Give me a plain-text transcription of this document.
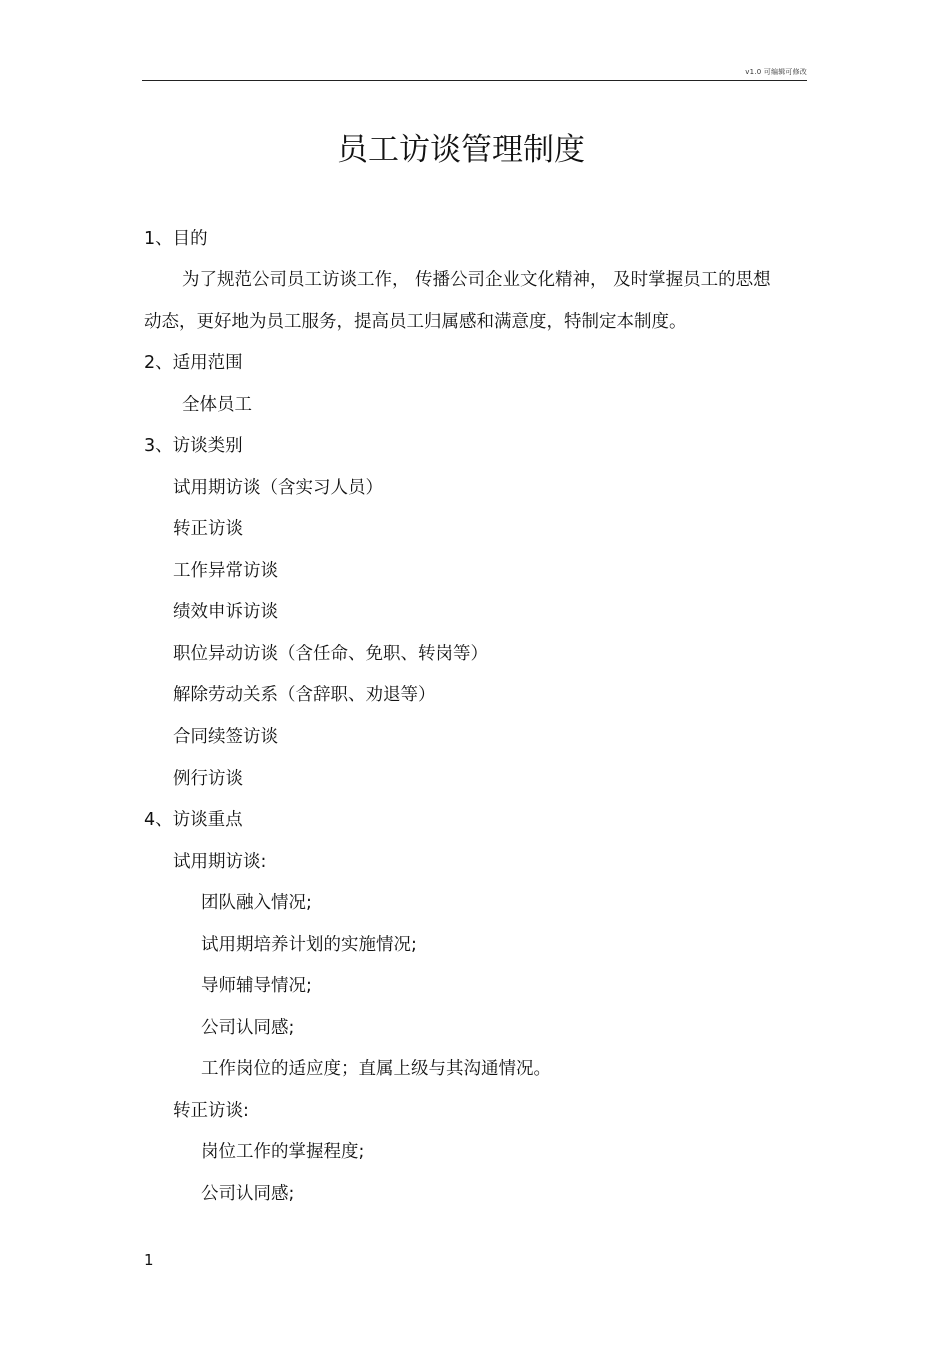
v1.0 可编辑可修改
员工访谈管理制度
1、目的
为了规范公司员工访谈工作， 传播公司企业文化精神， 及时掌握员工的思想
动态，更好地为员工服务，提高员工归属感和满意度，特制定本制度。
2、适用范围
全体员工
3、访谈类别
试用期访谈（含实习人员）
转正访谈
工作异常访谈
绩效申诉访谈
职位异动访谈（含任命、免职、转岗等）
解除劳动关系（含辞职、劝退等）
合同续签访谈
例行访谈
4、访谈重点
试用期访谈:
团队融入情况;
试用期培养计划的实施情况;
导师辅导情况;
公司认同感;
工作岗位的适应度；直属上级与其沟通情况。
转正访谈:
岗位工作的掌握程度;
公司认同感;
1
